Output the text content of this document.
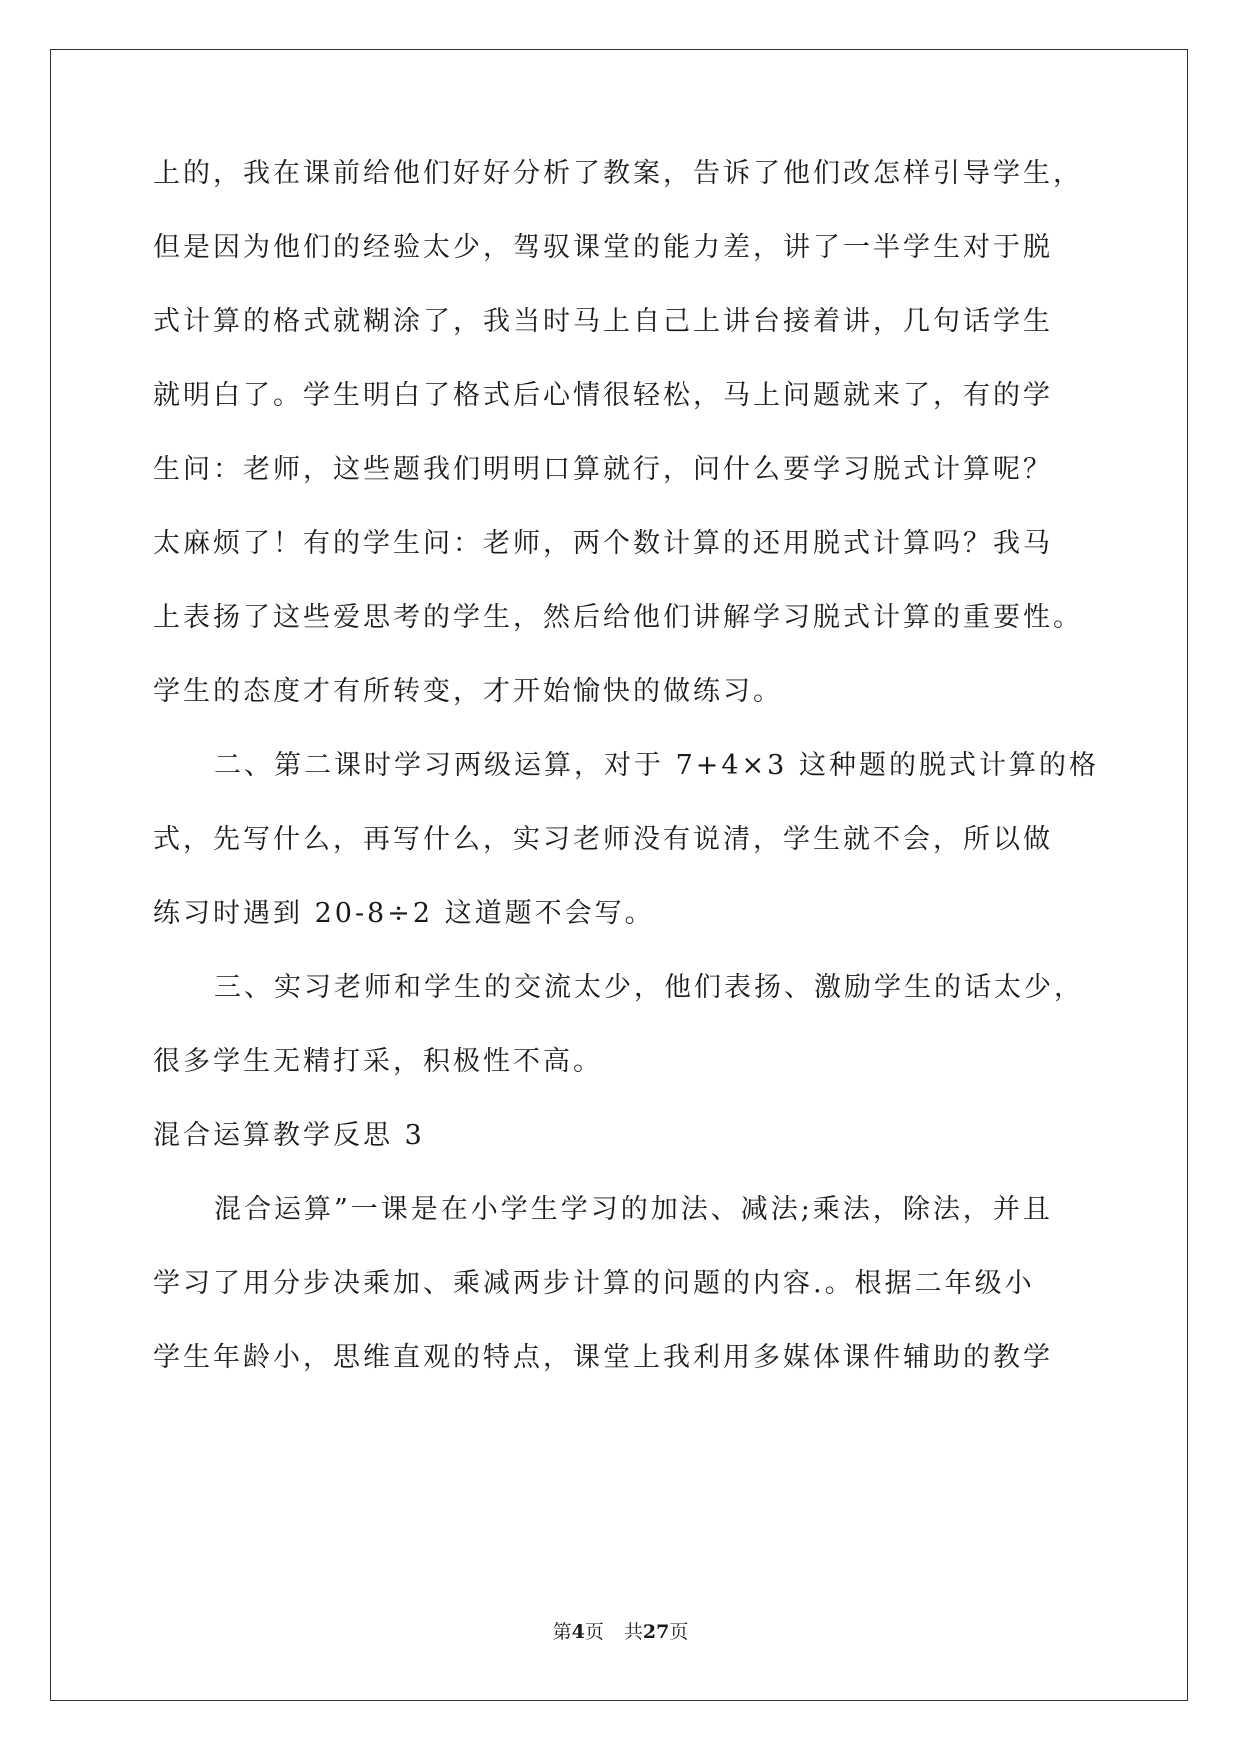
上的，我在课前给他们好好分析了教案，告诉了他们改怎样引导学生，
但是因为他们的经验太少，驾驭课堂的能力差，讲了一半学生对于脱
式计算的格式就糊涂了，我当时马上自己上讲台接着讲，几句话学生
就明白了。学生明白了格式后心情很轻松，马上问题就来了，有的学
生问：老师，这些题我们明明口算就行，问什么要学习脱式计算呢？
太麻烦了！有的学生问：老师，两个数计算的还用脱式计算吗？我马
上表扬了这些爱思考的学生，然后给他们讲解学习脱式计算的重要性。
学生的态度才有所转变，才开始愉快的做练习。
二、第二课时学习两级运算，对于 7+4×3 这种题的脱式计算的格
式，先写什么，再写什么，实习老师没有说清，学生就不会，所以做
练习时遇到 20-8÷2 这道题不会写。
三、实习老师和学生的交流太少，他们表扬、激励学生的话太少，
很多学生无精打采，积极性不高。
混合运算教学反思 3
混合运算”一课是在小学生学习的加法、减法;乘法，除法，并且
学习了用分步决乘加、乘减两步计算的问题的内容.。根据二年级小
学生年龄小，思维直观的特点，课堂上我利用多媒体课件辅助的教学
第4页 共27页
